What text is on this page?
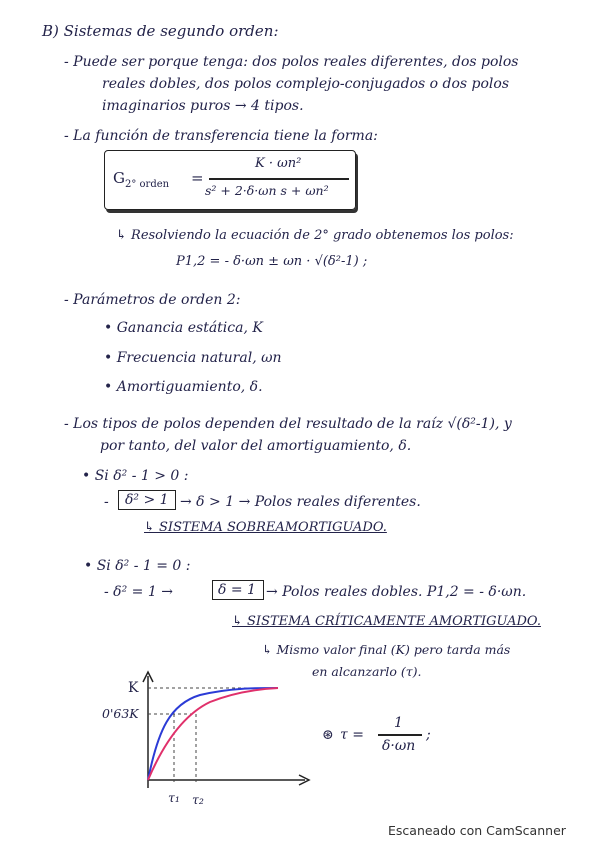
B) Sistemas de segundo orden:
- Puede ser porque tenga: dos polos reales diferentes, dos polos
reales dobles, dos polos complejo-conjugados o dos polos
imaginarios puros → 4 tipos.
- La función de transferencia tiene la forma:
$G_{2^\circ orden}$ =
K · ωn²
s² + 2·δ·ωn s + ωn²
↳ Resolviendo la ecuación de 2° grado obtenemos los polos:
P1,2 = - δ·ωn ± ωn · √(δ²-1) ;
- Parámetros de orden 2:
• Ganancia estática, K
• Frecuencia natural, ωn
• Amortiguamiento, δ.
- Los tipos de polos dependen del resultado de la raíz √(δ²-1), y
por tanto, del valor del amortiguamiento, δ.
• Si δ² - 1 > 0 :
- δ² > 1 → δ > 1 → Polos reales diferentes.
↳ SISTEMA SOBREAMORTIGUADO.
• Si δ² - 1 = 0 :
- δ² = 1 →	δ = 1 → Polos reales dobles. P1,2 = - δ·ωn.
↳ SISTEMA CRÍTICAMENTE AMORTIGUADO.
↳ Mismo valor final (K) pero tarda más
en alcanzarlo (τ).
K
0'63K
τ₁ τ₂
⊛ τ =
1
δ·ωn
;
Escaneado con CamScanner
